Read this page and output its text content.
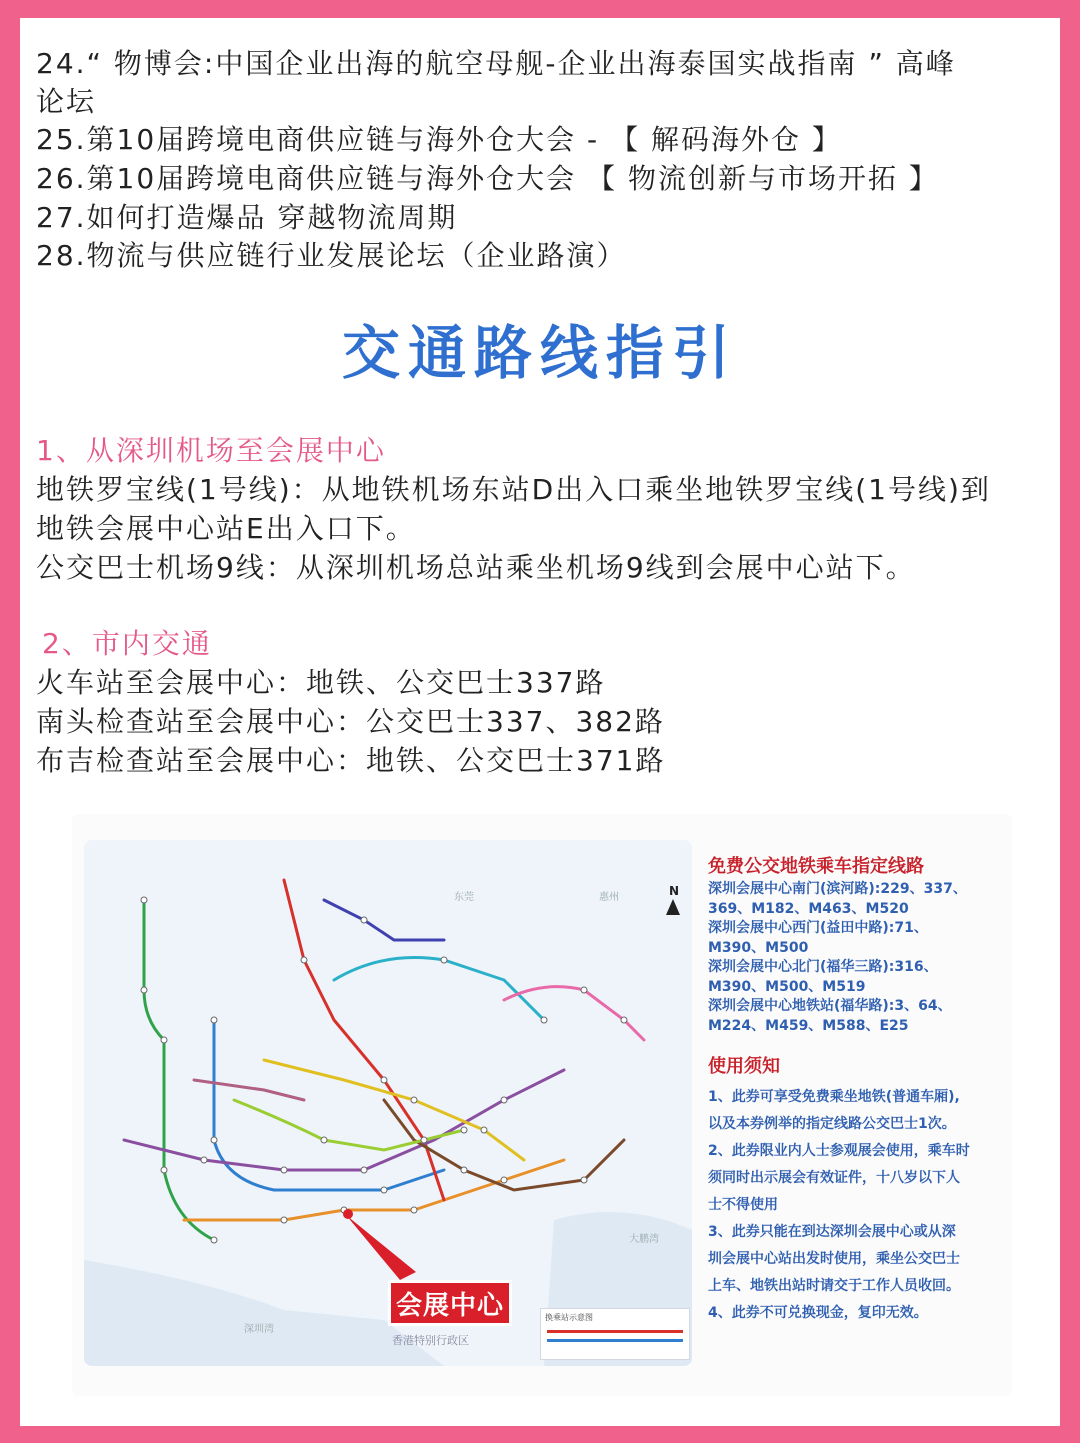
24.“ 物博会:中国企业出海的航空母舰-企业出海泰国实战指南 ” 高峰
论坛
25.第10届跨境电商供应链与海外仓大会 - 【 解码海外仓 】
26.第10届跨境电商供应链与海外仓大会 【 物流创新与市场开拓 】
27.如何打造爆品 穿越物流周期
28.物流与供应链行业发展论坛（企业路演）
交通路线指引
1、从深圳机场至会展中心
地铁罗宝线(1号线)：从地铁机场东站D出入口乘坐地铁罗宝线(1号线)到
地铁会展中心站E出入口下。
公交巴士机场9线：从深圳机场总站乘坐机场9线到会展中心站下。
2、市内交通
火车站至会展中心：地铁、公交巴士337路
南头检查站至会展中心：公交巴士337、382路
布吉检查站至会展中心：地铁、公交巴士371路
东莞	惠州
大鹏湾
深圳湾
N
会展中心
香港特别行政区
换乘站示意图
免费公交地铁乘车指定线路
深圳会展中心南门(滨河路):229、337、
369、M182、M463、M520
深圳会展中心西门(益田中路):71、
M390、M500
深圳会展中心北门(福华三路):316、
M390、M500、M519
深圳会展中心地铁站(福华路):3、64、
M224、M459、M588、E25
使用须知
1、此券可享受免费乘坐地铁(普通车厢),
以及本券例举的指定线路公交巴士1次。
2、此券限业内人士参观展会使用，乘车时
须同时出示展会有效证件，十八岁以下人
士不得使用
3、此券只能在到达深圳会展中心或从深
圳会展中心站出发时使用，乘坐公交巴士
上车、地铁出站时请交于工作人员收回。
4、此券不可兑换现金，复印无效。
